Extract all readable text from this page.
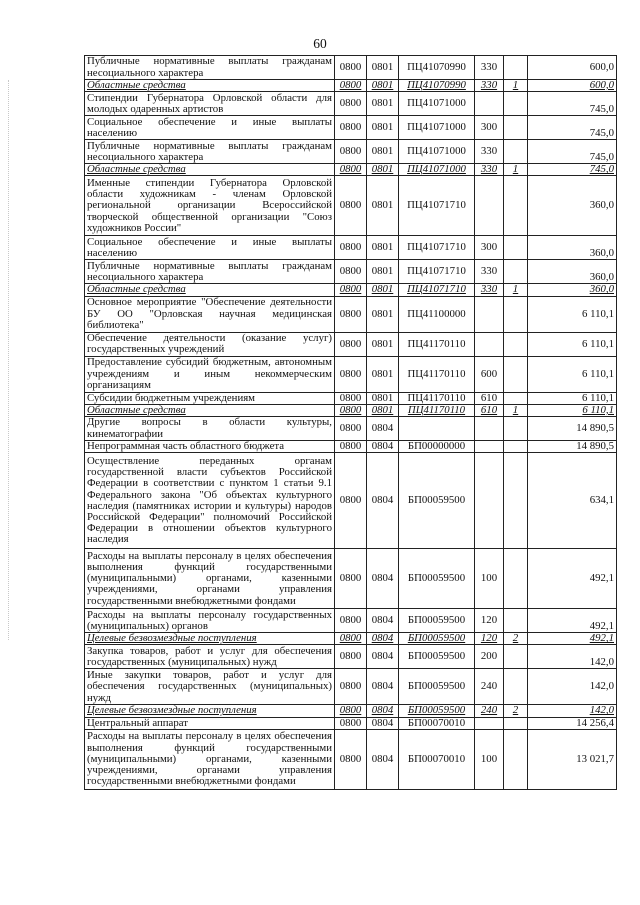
60
Публичные нормативные выплаты гражданам несоциального характера	0800	0801	ПЦ41070990	330		600,0
Областные средства	0800	0801	ПЦ41070990	330	1	600,0
Стипендии Губернатора Орловской области для молодых одаренных артистов	0800	0801	ПЦ41071000			745,0
Социальное обеспечение и иные выплаты населению	0800	0801	ПЦ41071000	300		745,0
Публичные нормативные выплаты гражданам несоциального характера	0800	0801	ПЦ41071000	330		745,0
Областные средства	0800	0801	ПЦ41071000	330	1	745,0
Именные стипендии Губернатора Орловской области художникам - членам Орловской региональной организации Всероссийской творческой общественной организации "Союз художников России"	0800	0801	ПЦ41071710			360,0
Социальное обеспечение и иные выплаты населению	0800	0801	ПЦ41071710	300		360,0
Публичные нормативные выплаты гражданам несоциального характера	0800	0801	ПЦ41071710	330		360,0
Областные средства	0800	0801	ПЦ41071710	330	1	360,0
Основное мероприятие "Обеспечение деятельности БУ ОО "Орловская научная медицинская библиотека"	0800	0801	ПЦ41100000			6 110,1
Обеспечение деятельности (оказание услуг) государственных учреждений	0800	0801	ПЦ41170110			6 110,1
Предоставление субсидий бюджетным, автономным учреждениям и иным некоммерческим организациям	0800	0801	ПЦ41170110	600		6 110,1
Субсидии бюджетным учреждениям	0800	0801	ПЦ41170110	610		6 110,1
Областные средства	0800	0801	ПЦ41170110	610	1	6 110,1
Другие вопросы в области культуры, кинематографии	0800	0804				14 890,5
Непрограммная часть областного бюджета	0800	0804	БП00000000			14 890,5
Осуществление переданных органам государственной власти субъектов Российской Федерации в соответствии с пунктом 1 статьи 9.1 Федерального закона "Об объектах культурного наследия (памятниках истории и культуры) народов Российской Федерации" полномочий Российской Федерации в отношении объектов культурного наследия	0800	0804	БП00059500			634,1
Расходы на выплаты персоналу в целях обеспечения выполнения функций государственными (муниципальными) органами, казенными учреждениями, органами управления государственными внебюджетными фондами	0800	0804	БП00059500	100		492,1
Расходы на выплаты персоналу государственных (муниципальных) органов	0800	0804	БП00059500	120		492,1
Целевые безвозмездные поступления	0800	0804	БП00059500	120	2	492,1
Закупка товаров, работ и услуг для обеспечения государственных (муниципальных) нужд	0800	0804	БП00059500	200		142,0
Иные закупки товаров, работ и услуг для обеспечения государственных (муниципальных) нужд	0800	0804	БП00059500	240		142,0
Целевые безвозмездные поступления	0800	0804	БП00059500	240	2	142,0
Центральный аппарат	0800	0804	БП00070010			14 256,4
Расходы на выплаты персоналу в целях обеспечения выполнения функций государственными (муниципальными) органами, казенными учреждениями, органами управления государственными внебюджетными фондами	0800	0804	БП00070010	100		13 021,7
